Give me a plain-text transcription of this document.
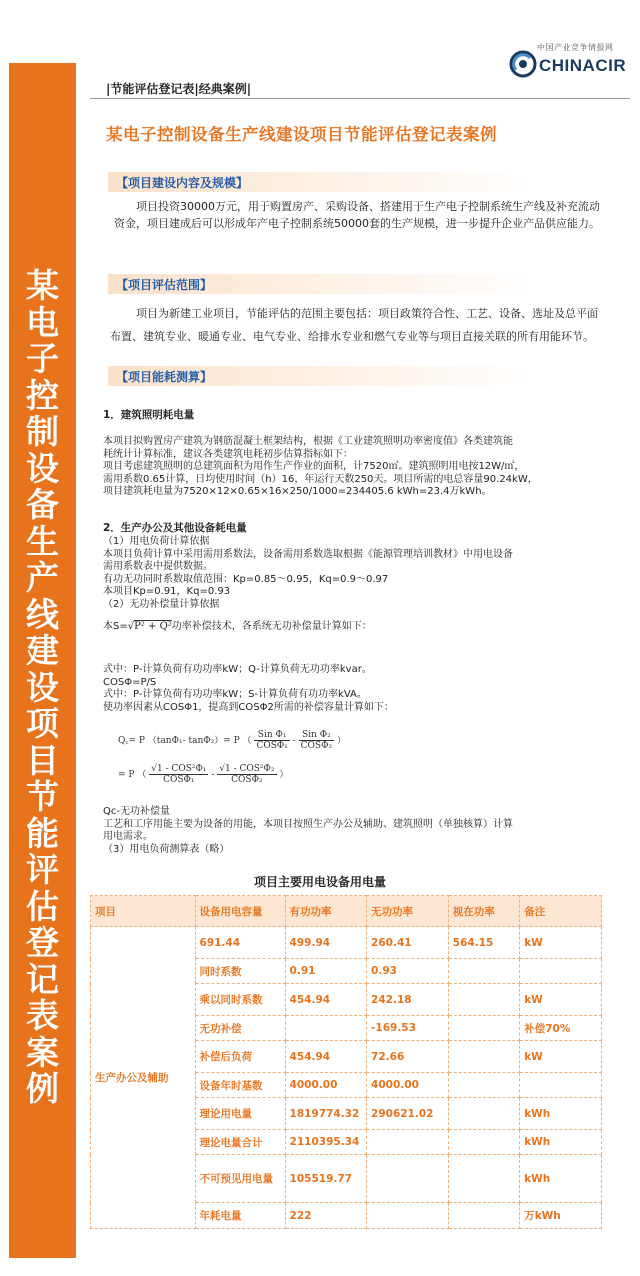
某
电
子
控
制
设
备
生
产
线
建
设
项
目
节
能
评
估
登
记
表
案
例
中国产业竞争情报网
CHINACIR
|节能评估登记表|经典案例|
某电子控制设备生产线建设项目节能评估登记表案例
【项目建设内容及规模】
项目投资30000万元，用于购置房产、采购设备、搭建用于生产电子控制系统生产线及补充流动资金，项目建成后可以形成年产电子控制系统50000套的生产规模，进一步提升企业产品供应能力。
【项目评估范围】
项目为新建工业项目，节能评估的范围主要包括：项目政策符合性、工艺、设备、选址及总平面布置、建筑专业、暖通专业、电气专业、给排水专业和燃气专业等与项目直接关联的所有用能环节。
【项目能耗测算】
1．建筑照明耗电量
本项目拟购置房产建筑为钢筋混凝土框架结构，根据《工业建筑照明功率密度值》各类建筑能
耗统计计算标准，建议各类建筑电耗初步估算指标如下：
项目考虑建筑照明的总建筑面积为用作生产作业的面积，计7520㎡。建筑照明用电按12W/㎡，
需用系数0.65计算，日均使用时间（h）16，年运行天数250天。项目所需的电总容量90.24kW，
项目建筑耗电量为7520×12×0.65×16×250/1000=234405.6 kWh=23.4万kWh。
2．生产办公及其他设备耗电量
（1）用电负荷计算依据
本项目负荷计算中采用需用系数法，设备需用系数选取根据《能源管理培训教材》中用电设备
需用系数表中提供数据。
有功无功同时系数取值范围：Kp=0.85～0.95，Kq=0.9～0.97
本项目Kp=0.91，Kq=0.93
（2）无功补偿量计算依据
本S=√P² + Q²功率补偿技术，各系统无功补偿量计算如下：
式中：P-计算负荷有功功率kW；Q-计算负荷无功功率kvar。
COSΦ=P/S
式中：P-计算负荷有功功率kW；S-计算负荷有功功率kVA。
使功率因素从COSΦ1，提高到COSΦ2所需的补偿容量计算如下：
Q꜀= P （tanΦ₁- tanΦ₂）= P （ $\frac{\text{Sin Φ₁}}{\text{COSΦ₁}} - \frac{\text{Sin Φ₂}}{\text{COSΦ₂}}$ ）
= P （ $\frac{\text{√1 - COS²Φ₁}}{\text{COSΦ₁}} - \frac{\text{√1 - COS²Φ₂}}{\text{COSΦ₂}}$ ）
Qc-无功补偿量
工艺和工序用能主要为设备的用能，本项目按照生产办公及辅助、建筑照明（单独核算）计算
用电需求。
（3）用电负荷测算表（略）
项目主要用电设备用电量
项目	设备用电容量	有功功率	无功功率	视在功率	备注
生产办公及辅助	691.44	499.94	260.41	564.15	kW
	同时系数	0.91	0.93		
	乘以同时系数	454.94	242.18		kW
	无功补偿		-169.53		补偿70%
	补偿后负荷	454.94	72.66		kW
	设备年时基数	4000.00	4000.00		
	理论用电量	1819774.32	290621.02		kWh
	理论电量合计	2110395.34			kWh
	不可预见用电量	105519.77			kWh
	年耗电量	222			万kWh
